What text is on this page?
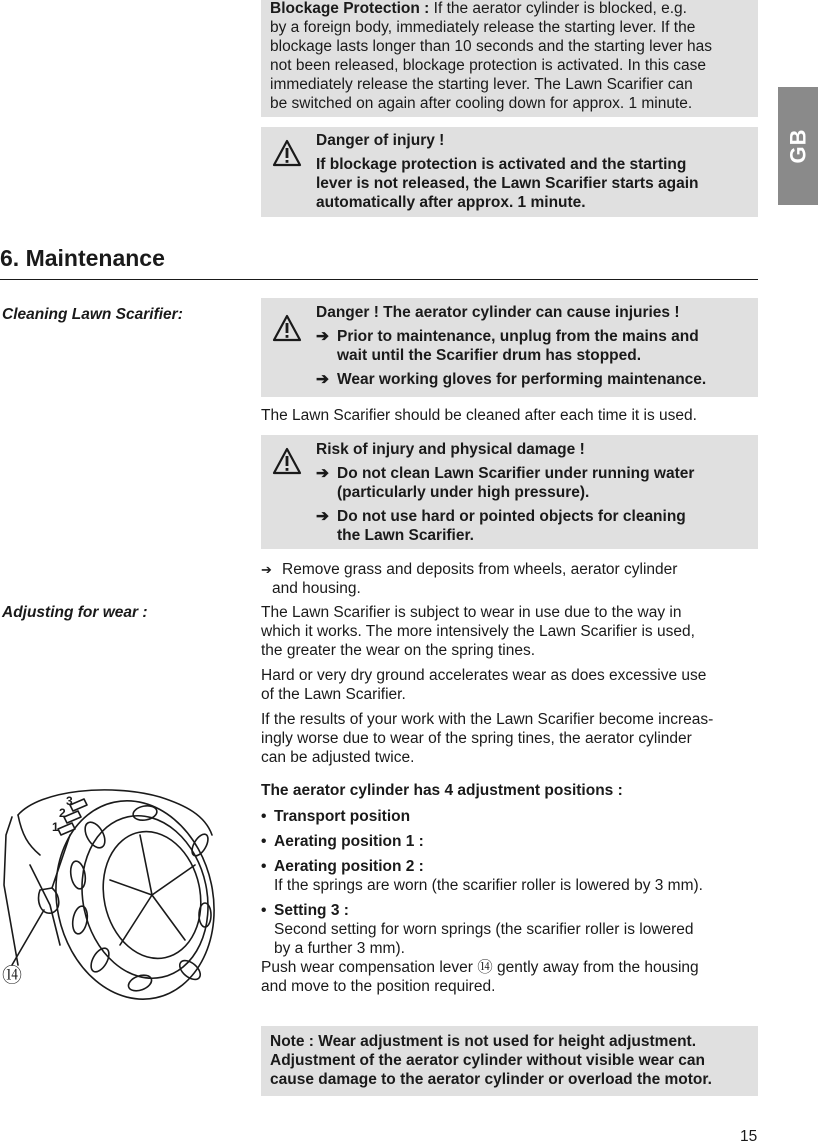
GB

Blockage Protection : If the aerator cylinder is blocked, e.g.

by a foreign body, immediately release the starting lever. If the

blockage lasts longer than 10 seconds and the starting lever has

not been released, blockage protection is activated. In this case

immediately release the starting lever. The Lawn Scarifier can

be switched on again after cooling down for approx. 1 minute.

Danger of injury !

If blockage protection is activated and the starting

lever is not released, the Lawn Scarifier starts again

automatically after approx. 1 minute.

6. Maintenance
Cleaning Lawn Scarifier:	Danger ! The aerator cylinder can cause injuries !

➔ Prior to maintenance, unplug from the mains and

wait until the Scarifier drum has stopped.

➔ Wear working gloves for performing maintenance.

The Lawn Scarifier should be cleaned after each time it is used.

Risk of injury and physical damage !

➔ Do not clean Lawn Scarifier under running water

(particularly under high pressure).

➔ Do not use hard or pointed objects for cleaning

the Lawn Scarifier.

➔ Remove grass and deposits from wheels, aerator cylinder

and housing.

Adjusting for wear :	The Lawn Scarifier is subject to wear in use due to the way in

which it works. The more intensively the Lawn Scarifier is used,

the greater the wear on the spring tines.

Hard or very dry ground accelerates wear as does excessive use

of the Lawn Scarifier.

If the results of your work with the Lawn Scarifier become increas-

ingly worse due to wear of the spring tines, the aerator cylinder

can be adjusted twice.

The aerator cylinder has 4 adjustment positions :

• Transport position
• Aerating position 1 :
• Aerating position 2 :

If the springs are worn (the scarifier roller is lowered by 3 mm).

• Setting 3 :

Second setting for worn springs (the scarifier roller is lowered

by a further 3 mm).

Push wear compensation lever ⑭ gently away from the housing

and move to the position required.

Note : Wear adjustment is not used for height adjustment.

Adjustment of the aerator cylinder without visible wear can

cause damage to the aerator cylinder or overload the motor.

3
2
1
⑭
15
